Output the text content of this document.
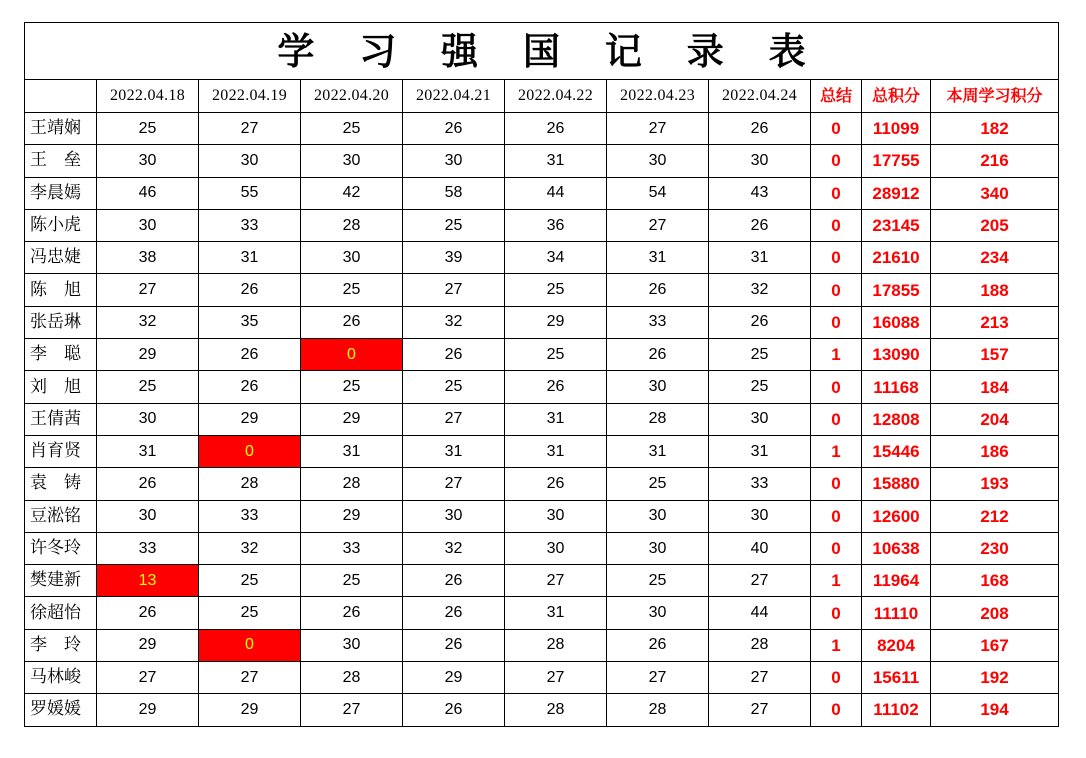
学 习 强 国 记 录 表										
	2022.04.18	2022.04.19	2022.04.20	2022.04.21	2022.04.22	2022.04.23	2022.04.24	总结	总积分	本周学习积分
王靖娴	25	27	25	26	26	27	26	0	11099	182
王　垒	30	30	30	30	31	30	30	0	17755	216
李晨嫣	46	55	42	58	44	54	43	0	28912	340
陈小虎	30	33	28	25	36	27	26	0	23145	205
冯忠婕	38	31	30	39	34	31	31	0	21610	234
陈　旭	27	26	25	27	25	26	32	0	17855	188
张岳琳	32	35	26	32	29	33	26	0	16088	213
李　聪	29	26	0	26	25	26	25	1	13090	157
刘　旭	25	26	25	25	26	30	25	0	11168	184
王倩茜	30	29	29	27	31	28	30	0	12808	204
肖育贤	31	0	31	31	31	31	31	1	15446	186
袁　铸	26	28	28	27	26	25	33	0	15880	193
豆淞铭	30	33	29	30	30	30	30	0	12600	212
许冬玲	33	32	33	32	30	30	40	0	10638	230
樊建新	13	25	25	26	27	25	27	1	11964	168
徐超怡	26	25	26	26	31	30	44	0	11110	208
李　玲	29	0	30	26	28	26	28	1	8204	167
马林峻	27	27	28	29	27	27	27	0	15611	192
罗媛媛	29	29	27	26	28	28	27	0	11102	194
